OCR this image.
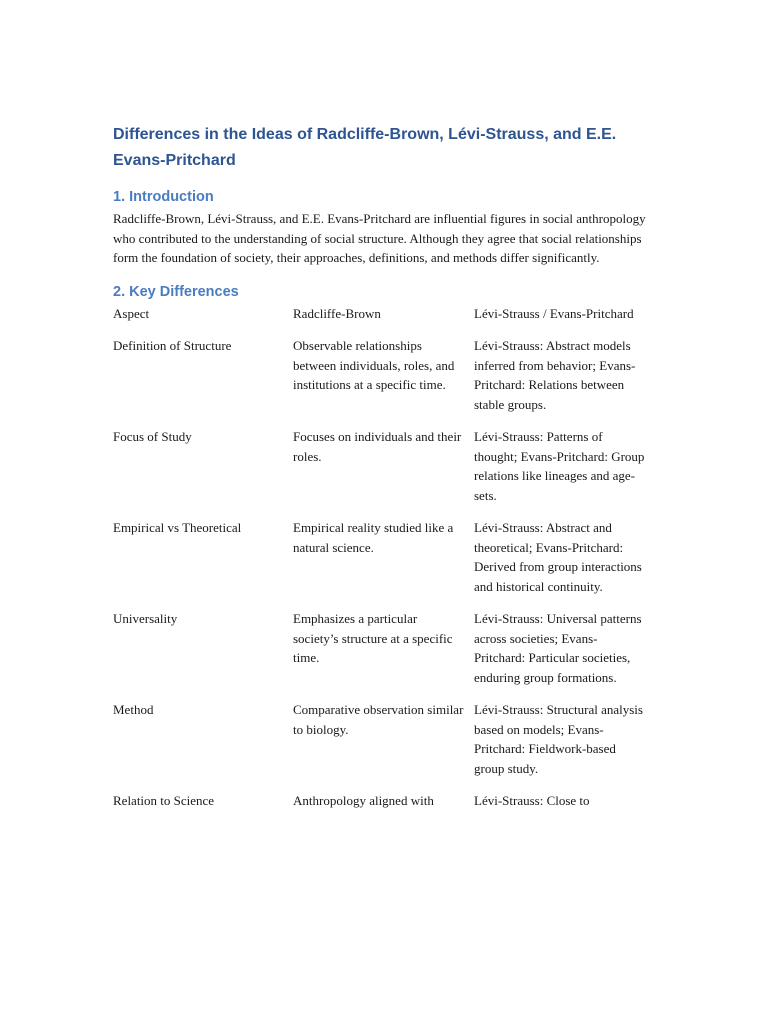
Differences in the Ideas of Radcliffe-Brown, Lévi-Strauss, and E.E. Evans-Pritchard
1. Introduction

Radcliffe-Brown, Lévi-Strauss, and E.E. Evans-Pritchard are influential figures in social anthropology who contributed to the understanding of social structure. Although they agree that social relationships form the foundation of society, their approaches, definitions, and methods differ significantly.

2. Key Differences
Aspect	Radcliffe-Brown	Lévi-Strauss / Evans-Pritchard
Definition of Structure	Observable relationships between individuals, roles, and institutions at a specific time.	Lévi-Strauss: Abstract models inferred from behavior; Evans-Pritchard: Relations between stable groups.
Focus of Study	Focuses on individuals and their roles.	Lévi-Strauss: Patterns of thought; Evans-Pritchard: Group relations like lineages and age-sets.
Empirical vs Theoretical	Empirical reality studied like a natural science.	Lévi-Strauss: Abstract and theoretical; Evans-Pritchard: Derived from group interactions and historical continuity.
Universality	Emphasizes a particular society’s structure at a specific time.	Lévi-Strauss: Universal patterns across societies; Evans-Pritchard: Particular societies, enduring group formations.
Method	Comparative observation similar to biology.	Lévi-Strauss: Structural analysis based on models; Evans-Pritchard: Fieldwork-based group study.
Relation to Science	Anthropology aligned with	Lévi-Strauss: Close to
